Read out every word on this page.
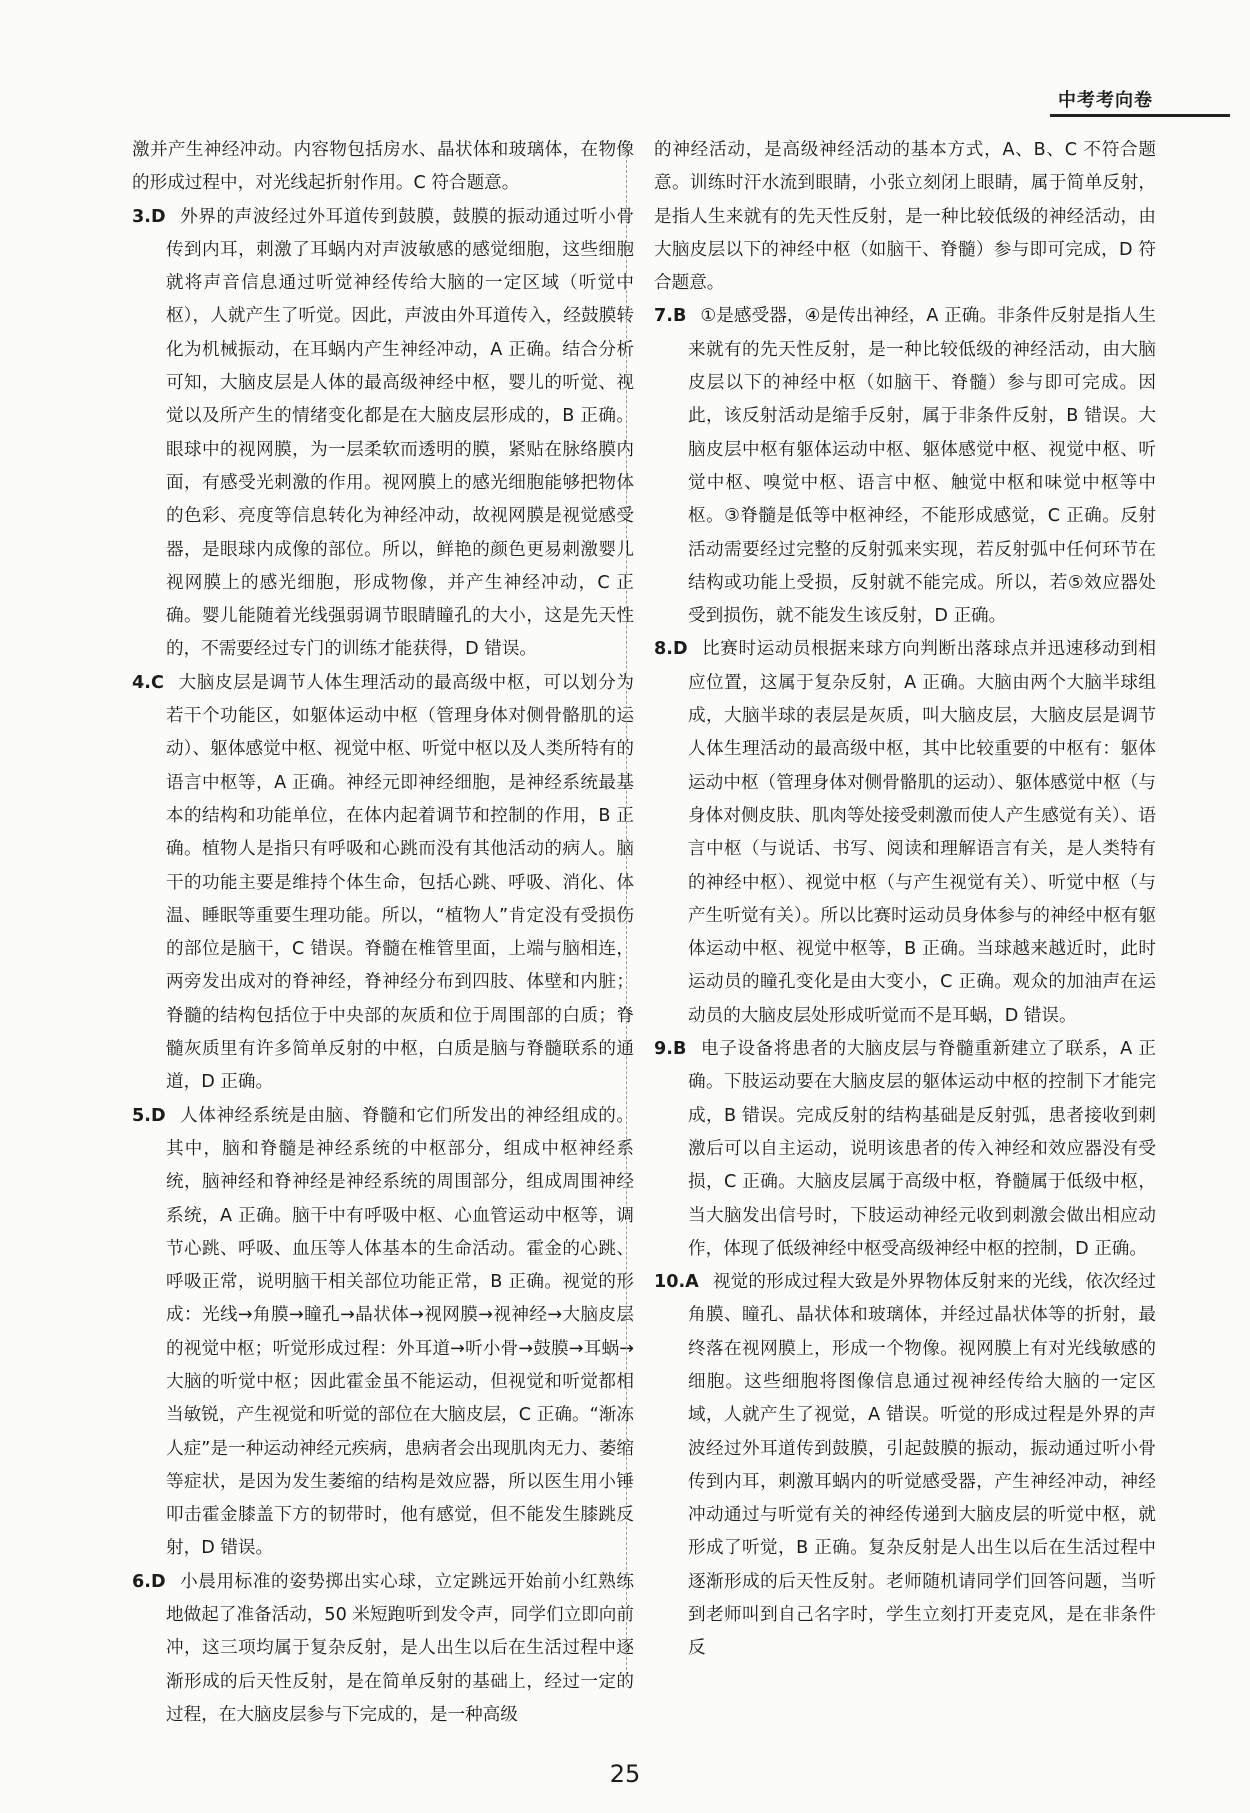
中考考向卷

激并产生神经冲动。内容物包括房水、晶状体和玻璃体，在物像的形成过程中，对光线起折射作用。C 符合题意。

3.D 外界的声波经过外耳道传到鼓膜，鼓膜的振动通过听小骨传到内耳，刺激了耳蜗内对声波敏感的感觉细胞，这些细胞就将声音信息通过听觉神经传给大脑的一定区域（听觉中枢），人就产生了听觉。因此，声波由外耳道传入，经鼓膜转化为机械振动，在耳蜗内产生神经冲动，A 正确。结合分析可知，大脑皮层是人体的最高级神经中枢，婴儿的听觉、视觉以及所产生的情绪变化都是在大脑皮层形成的，B 正确。眼球中的视网膜，为一层柔软而透明的膜，紧贴在脉络膜内面，有感受光刺激的作用。视网膜上的感光细胞能够把物体的色彩、亮度等信息转化为神经冲动，故视网膜是视觉感受器，是眼球内成像的部位。所以，鲜艳的颜色更易刺激婴儿视网膜上的感光细胞，形成物像，并产生神经冲动，C 正确。婴儿能随着光线强弱调节眼睛瞳孔的大小，这是先天性的，不需要经过专门的训练才能获得，D 错误。

4.C 大脑皮层是调节人体生理活动的最高级中枢，可以划分为若干个功能区，如躯体运动中枢（管理身体对侧骨骼肌的运动）、躯体感觉中枢、视觉中枢、听觉中枢以及人类所特有的语言中枢等，A 正确。神经元即神经细胞，是神经系统最基本的结构和功能单位，在体内起着调节和控制的作用，B 正确。植物人是指只有呼吸和心跳而没有其他活动的病人。脑干的功能主要是维持个体生命，包括心跳、呼吸、消化、体温、睡眠等重要生理功能。所以，“植物人”肯定没有受损伤的部位是脑干，C 错误。脊髓在椎管里面，上端与脑相连，两旁发出成对的脊神经，脊神经分布到四肢、体壁和内脏；脊髓的结构包括位于中央部的灰质和位于周围部的白质；脊髓灰质里有许多简单反射的中枢，白质是脑与脊髓联系的通道，D 正确。

5.D 人体神经系统是由脑、脊髓和它们所发出的神经组成的。其中，脑和脊髓是神经系统的中枢部分，组成中枢神经系统，脑神经和脊神经是神经系统的周围部分，组成周围神经系统，A 正确。脑干中有呼吸中枢、心血管运动中枢等，调节心跳、呼吸、血压等人体基本的生命活动。霍金的心跳、呼吸正常，说明脑干相关部位功能正常，B 正确。视觉的形成：光线→角膜→瞳孔→晶状体→视网膜→视神经→大脑皮层的视觉中枢；听觉形成过程：外耳道→听小骨→鼓膜→耳蜗→大脑的听觉中枢；因此霍金虽不能运动，但视觉和听觉都相当敏锐，产生视觉和听觉的部位在大脑皮层，C 正确。“渐冻人症”是一种运动神经元疾病，患病者会出现肌肉无力、萎缩等症状，是因为发生萎缩的结构是效应器，所以医生用小锤叩击霍金膝盖下方的韧带时，他有感觉，但不能发生膝跳反射，D 错误。

6.D 小晨用标准的姿势掷出实心球，立定跳远开始前小红熟练地做起了准备活动，50 米短跑听到发令声，同学们立即向前冲，这三项均属于复杂反射，是人出生以后在生活过程中逐渐形成的后天性反射，是在简单反射的基础上，经过一定的过程，在大脑皮层参与下完成的，是一种高级

的神经活动，是高级神经活动的基本方式，A、B、C 不符合题意。训练时汗水流到眼睛，小张立刻闭上眼睛，属于简单反射，是指人生来就有的先天性反射，是一种比较低级的神经活动，由大脑皮层以下的神经中枢（如脑干、脊髓）参与即可完成，D 符合题意。

7.B ①是感受器，④是传出神经，A 正确。非条件反射是指人生来就有的先天性反射，是一种比较低级的神经活动，由大脑皮层以下的神经中枢（如脑干、脊髓）参与即可完成。因此，该反射活动是缩手反射，属于非条件反射，B 错误。大脑皮层中枢有躯体运动中枢、躯体感觉中枢、视觉中枢、听觉中枢、嗅觉中枢、语言中枢、触觉中枢和味觉中枢等中枢。③脊髓是低等中枢神经，不能形成感觉，C 正确。反射活动需要经过完整的反射弧来实现，若反射弧中任何环节在结构或功能上受损，反射就不能完成。所以，若⑤效应器处受到损伤，就不能发生该反射，D 正确。

8.D 比赛时运动员根据来球方向判断出落球点并迅速移动到相应位置，这属于复杂反射，A 正确。大脑由两个大脑半球组成，大脑半球的表层是灰质，叫大脑皮层，大脑皮层是调节人体生理活动的最高级中枢，其中比较重要的中枢有：躯体运动中枢（管理身体对侧骨骼肌的运动）、躯体感觉中枢（与身体对侧皮肤、肌肉等处接受刺激而使人产生感觉有关）、语言中枢（与说话、书写、阅读和理解语言有关，是人类特有的神经中枢）、视觉中枢（与产生视觉有关）、听觉中枢（与产生听觉有关）。所以比赛时运动员身体参与的神经中枢有躯体运动中枢、视觉中枢等，B 正确。当球越来越近时，此时运动员的瞳孔变化是由大变小，C 正确。观众的加油声在运动员的大脑皮层处形成听觉而不是耳蜗，D 错误。

9.B 电子设备将患者的大脑皮层与脊髓重新建立了联系，A 正确。下肢运动要在大脑皮层的躯体运动中枢的控制下才能完成，B 错误。完成反射的结构基础是反射弧，患者接收到刺激后可以自主运动，说明该患者的传入神经和效应器没有受损，C 正确。大脑皮层属于高级中枢，脊髓属于低级中枢，当大脑发出信号时，下肢运动神经元收到刺激会做出相应动作，体现了低级神经中枢受高级神经中枢的控制，D 正确。

10.A 视觉的形成过程大致是外界物体反射来的光线，依次经过角膜、瞳孔、晶状体和玻璃体，并经过晶状体等的折射，最终落在视网膜上，形成一个物像。视网膜上有对光线敏感的细胞。这些细胞将图像信息通过视神经传给大脑的一定区域，人就产生了视觉，A 错误。听觉的形成过程是外界的声波经过外耳道传到鼓膜，引起鼓膜的振动，振动通过听小骨传到内耳，刺激耳蜗内的听觉感受器，产生神经冲动，神经冲动通过与听觉有关的神经传递到大脑皮层的听觉中枢，就形成了听觉，B 正确。复杂反射是人出生以后在生活过程中逐渐形成的后天性反射。老师随机请同学们回答问题，当听到老师叫到自己名字时，学生立刻打开麦克风，是在非条件反

25
